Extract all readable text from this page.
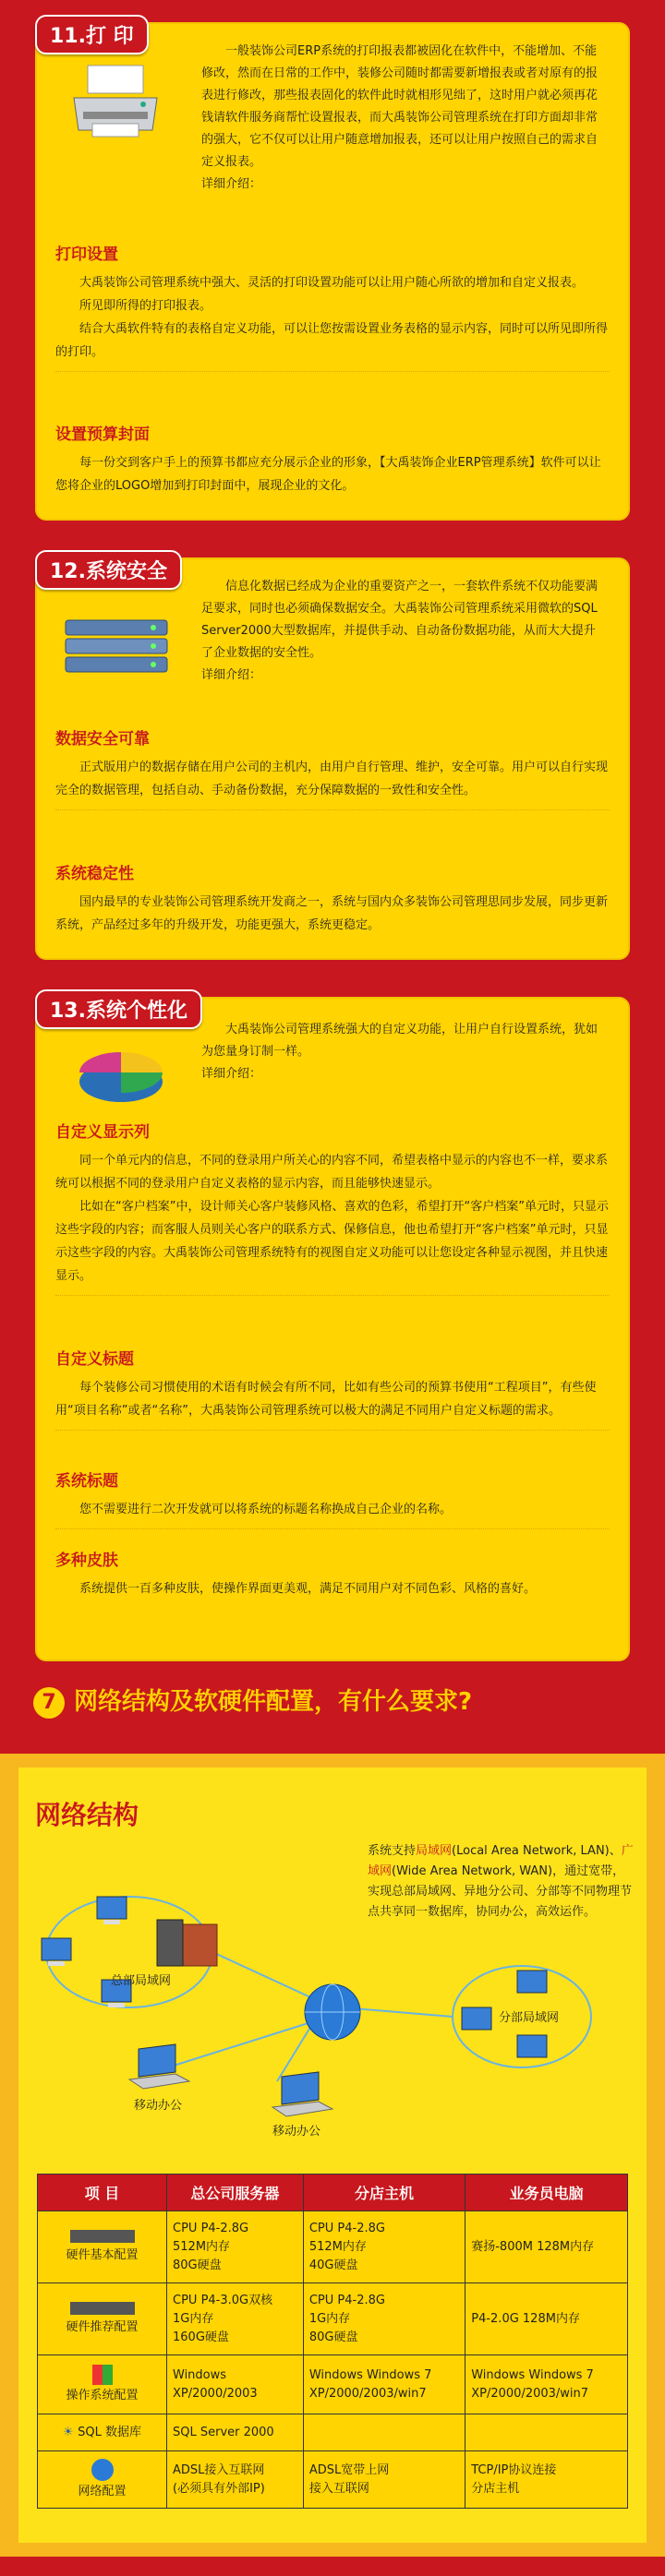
11.打 印

一般装饰公司ERP系统的打印报表都被固化在软件中，不能增加、不能修改，然而在日常的工作中，装修公司随时都需要新增报表或者对原有的报表进行修改，那些报表固化的软件此时就相形见绌了，这时用户就必须再花钱请软件服务商帮忙设置报表，而大禹装饰公司管理系统在打印方面却非常的强大，它不仅可以让用户随意增加报表，还可以让用户按照自己的需求自定义报表。

详细介绍：

打印设置

大禹装饰公司管理系统中强大、灵活的打印设置功能可以让用户随心所欲的增加和自定义报表。

所见即所得的打印报表。

结合大禹软件特有的表格自定义功能，可以让您按需设置业务表格的显示内容，同时可以所见即所得的打印。

设置预算封面

每一份交到客户手上的预算书都应充分展示企业的形象，【大禹装饰企业ERP管理系统】软件可以让您将企业的LOGO增加到打印封面中，展现企业的文化。

12.系统安全

信息化数据已经成为企业的重要资产之一，一套软件系统不仅功能要满足要求，同时也必须确保数据安全。大禹装饰公司管理系统采用微软的SQL Server2000大型数据库，并提供手动、自动备份数据功能，从而大大提升了企业数据的安全性。

详细介绍：

数据安全可靠

正式版用户的数据存储在用户公司的主机内，由用户自行管理、维护，安全可靠。用户可以自行实现完全的数据管理，包括自动、手动备份数据，充分保障数据的一致性和安全性。

系统稳定性

国内最早的专业装饰公司管理系统开发商之一，系统与国内众多装饰公司管理思同步发展，同步更新系统，产品经过多年的升级开发，功能更强大，系统更稳定。

13.系统个性化

大禹装饰公司管理系统强大的自定义功能，让用户自行设置系统，犹如为您量身订制一样。

详细介绍：

自定义显示列

同一个单元内的信息，不同的登录用户所关心的内容不同，希望表格中显示的内容也不一样，要求系统可以根据不同的登录用户自定义表格的显示内容，而且能够快速显示。

比如在“客户档案”中，设计师关心客户装修风格、喜欢的色彩，希望打开“客户档案”单元时，只显示这些字段的内容；而客服人员则关心客户的联系方式、保修信息，他也希望打开“客户档案”单元时，只显示这些字段的内容。大禹装饰公司管理系统特有的视图自定义功能可以让您设定各种显示视图，并且快速显示。

自定义标题

每个装修公司习惯使用的术语有时候会有所不同，比如有些公司的预算书使用“工程项目”，有些使用“项目名称”或者“名称”，大禹装饰公司管理系统可以极大的满足不同用户自定义标题的需求。

系统标题

您不需要进行二次开发就可以将系统的标题名称换成自己企业的名称。

多种皮肤

系统提供一百多种皮肤，使操作界面更美观，满足不同用户对不同色彩、风格的喜好。

7 网络结构及软硬件配置，有什么要求?
网络结构
系统支持局域网(Local Area Network, LAN)、广域网(Wide Area Network, WAN)，通过宽带，实现总部局域网、异地分公司、分部等不同物理节点共享同一数据库，协同办公，高效运作。
总部局域网
分部局域网
移动办公
移动办公
项 目	总公司服务器	分店主机	业务员电脑

硬件基本配置	CPU P4-2.8G
512M内存
80G硬盘	CPU P4-2.8G
512M内存
40G硬盘	赛扬-800M 128M内存

硬件推荐配置	CPU P4-3.0G双核
1G内存
160G硬盘	CPU P4-2.8G
1G内存
80G硬盘	P4-2.0G 128M内存

操作系统配置	Windows
XP/2000/2003	Windows Windows 7
XP/2000/2003/win7	Windows Windows 7
XP/2000/2003/win7
☀ SQL 数据库	SQL Server 2000		

网络配置	ADSL接入互联网
(必须具有外部IP)	ADSL宽带上网
接入互联网	TCP/IP协议连接
分店主机
